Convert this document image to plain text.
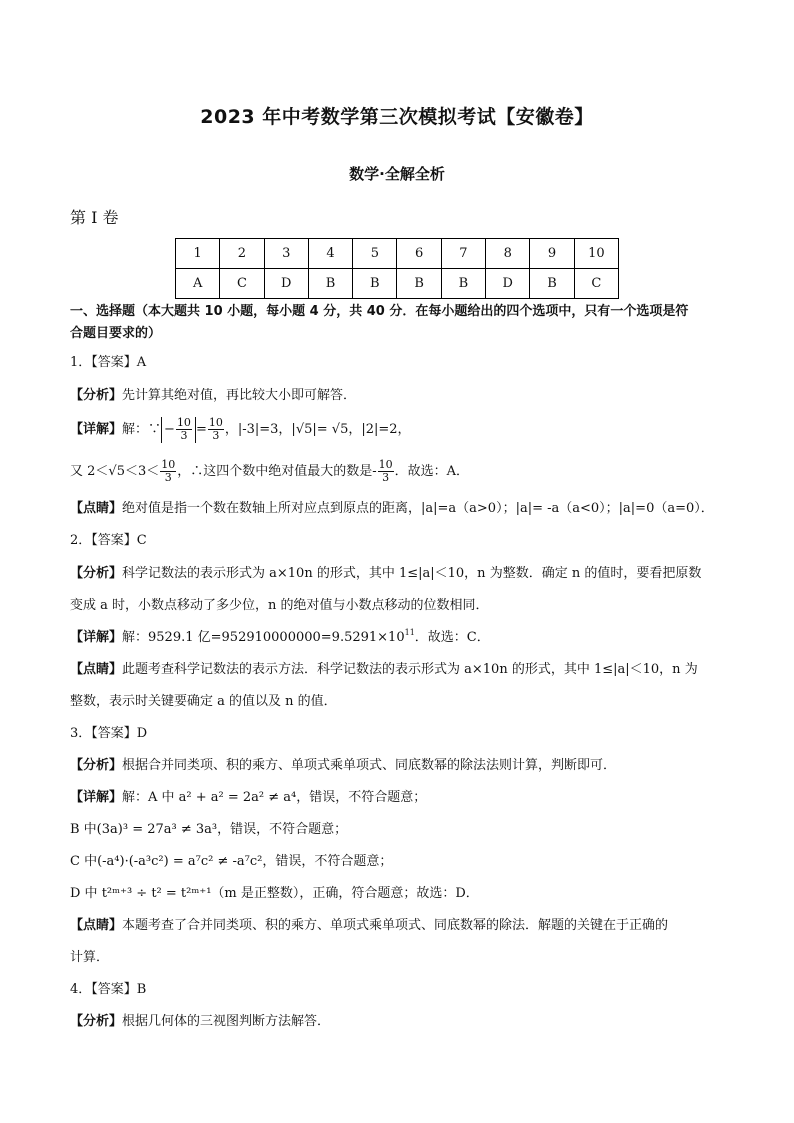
2023 年中考数学第三次模拟考试【安徽卷】
数学·全解全析
第 I 卷
1	2	3	4	5	6	7	8	9	10
A	C	D	B	B	B	B	D	B	C
一、选择题（本大题共 10 小题，每小题 4 分，共 40 分．在每小题给出的四个选项中，只有一个选项是符
合题目要求的）
1．【答案】A
【分析】先计算其绝对值，再比较大小即可解答．
【详解】解：∵ − $\frac{10}{3} = \frac{10}{3}$ ，|-3|=3，|√5|= √5，|2|=2，
又 $2<√5<3< \frac{10}{3}$ ，∴这四个数中绝对值最大的数是- $\frac{10}{3}$ ．故选：A．
【点睛】绝对值是指一个数在数轴上所对应点到原点的距离，|a|=a（a>0）；|a|= -a（a<0）；|a|=0（a=0）．
2．【答案】C
【分析】科学记数法的表示形式为 a×10n 的形式，其中 1≤|a|＜10，n 为整数．确定 n 的值时，要看把原数
变成 a 时，小数点移动了多少位，n 的绝对值与小数点移动的位数相同．
【详解】解：9529.1 亿$=952910000000=9.5291\times 10^{11}$．故选：C．
【点睛】此题考查科学记数法的表示方法．科学记数法的表示形式为 a×10n 的形式，其中 1≤|a|＜10，n 为
整数，表示时关键要确定 a 的值以及 n 的值．
3．【答案】D
【分析】根据合并同类项、积的乘方、单项式乘单项式、同底数幂的除法法则计算，判断即可．
【详解】解：A 中 a² + a² = 2a² ≠ a⁴，错误，不符合题意；
B 中(3a)³ = 27a³ ≠ 3a³，错误，不符合题意；
C 中(-a⁴)·(-a³c²) = a⁷c² ≠ -a⁷c²，错误，不符合题意；
D 中 t²ᵐ⁺³ ÷ t² = t²ᵐ⁺¹（m 是正整数），正确，符合题意；故选：D．
【点睛】本题考查了合并同类项、积的乘方、单项式乘单项式、同底数幂的除法．解题的关键在于正确的
计算．
4．【答案】B
【分析】根据几何体的三视图判断方法解答．
